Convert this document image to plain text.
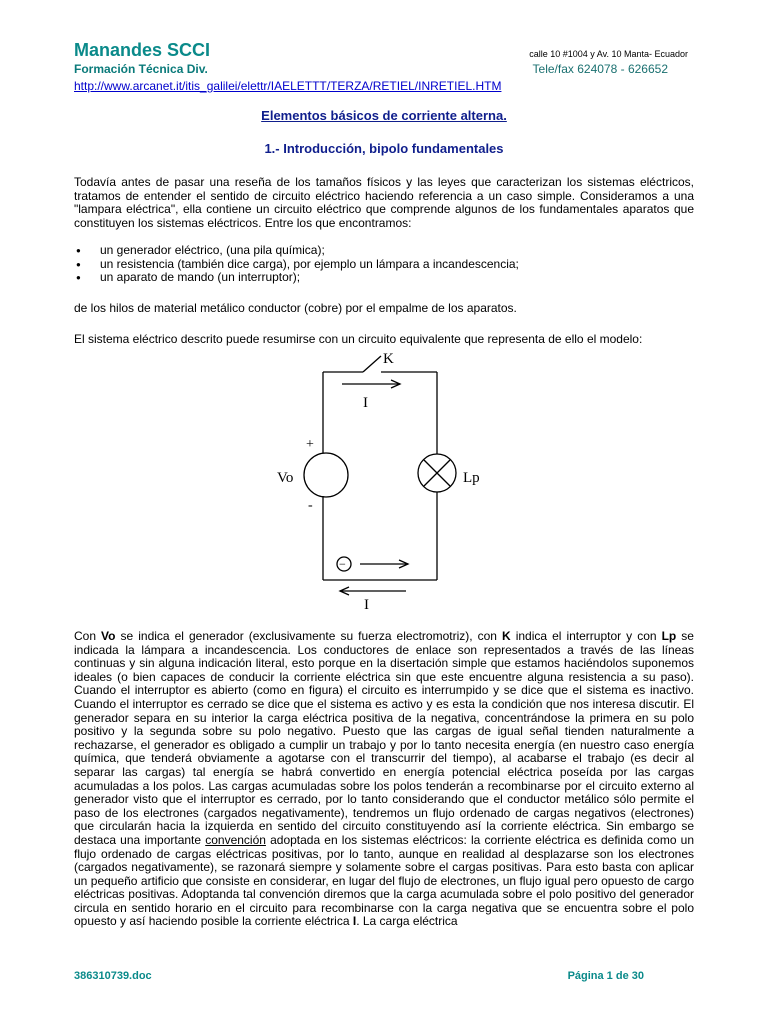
Manandes SCCI
Formación Técnica Div.
calle 10 #1004 y Av. 10 Manta- Ecuador
Tele/fax 624078 - 626652
http://www.arcanet.it/itis_galilei/elettr/IAELETTT/TERZA/RETIEL/INRETIEL.HTM
Elementos básicos de corriente alterna.
1.- Introducción, bipolo fundamentales
Todavía antes de pasar una reseña de los tamaños físicos y las leyes que caracterizan los sistemas eléctricos, tratamos de entender el sentido de circuito eléctrico haciendo referencia a un caso simple. Consideramos a una "lampara eléctrica", ella contiene un circuito eléctrico que comprende algunos de los fundamentales aparatos que constituyen los sistemas eléctricos. Entre los que encontramos:
● un generador eléctrico, (una pila química);
● un resistencia (también dice carga), por ejemplo un lámpara a incandescencia;
● un aparato de mando (un interruptor);
de los hilos de material metálico conductor (cobre) por el empalme de los aparatos.
El sistema eléctrico descrito puede resumirse con un circuito equivalente que representa de ello el modelo:
K
I
+
Vo
-
Lp
−
I
Con Vo se indica el generador (exclusivamente su fuerza electromotriz), con K indica el interruptor y con Lp se indicada la lámpara a incandescencia. Los conductores de enlace son representados a través de las líneas continuas y sin alguna indicación literal, esto porque en la disertación simple que estamos haciéndolos suponemos ideales (o bien capaces de conducir la corriente eléctrica sin que este encuentre alguna resistencia a su paso). Cuando el interruptor es abierto (como en figura) el circuito es interrumpido y se dice que el sistema es inactivo. Cuando el interruptor es cerrado se dice que el sistema es activo y es esta la condición que nos interesa discutir. El generador separa en su interior la carga eléctrica positiva de la negativa, concentrándose la primera en su polo positivo y la segunda sobre su polo negativo. Puesto que las cargas de igual señal tienden naturalmente a rechazarse, el generador es obligado a cumplir un trabajo y por lo tanto necesita energía (en nuestro caso energía química, que tenderá obviamente a agotarse con el transcurrir del tiempo), al acabarse el trabajo (es decir al separar las cargas) tal energía se habrá convertido en energía potencial eléctrica poseída por las cargas acumuladas a los polos. Las cargas acumuladas sobre los polos tenderán a recombinarse por el circuito externo al generador visto que el interruptor es cerrado, por lo tanto considerando que el conductor metálico sólo permite el paso de los electrones (cargados negativamente), tendremos un flujo ordenado de cargas negativos (electrones) que circularán hacia la izquierda en sentido del circuito constituyendo así la corriente eléctrica. Sin embargo se destaca una importante convención adoptada en los sistemas eléctricos: la corriente eléctrica es definida como un flujo ordenado de cargas eléctricas positivas, por lo tanto, aunque en realidad al desplazarse son los electrones (cargados negativamente), se razonará siempre y solamente sobre el cargas positivas. Para esto basta con aplicar un pequeño artificio que consiste en considerar, en lugar del flujo de electrones, un flujo igual pero opuesto de cargo eléctricas positivas. Adoptanda tal convención diremos que la carga acumulada sobre el polo positivo del generador circula en sentido horario en el circuito para recombinarse con la carga negativa que se encuentra sobre el polo opuesto y así haciendo posible la corriente eléctrica I. La carga eléctrica
386310739.doc	Página 1 de 30
